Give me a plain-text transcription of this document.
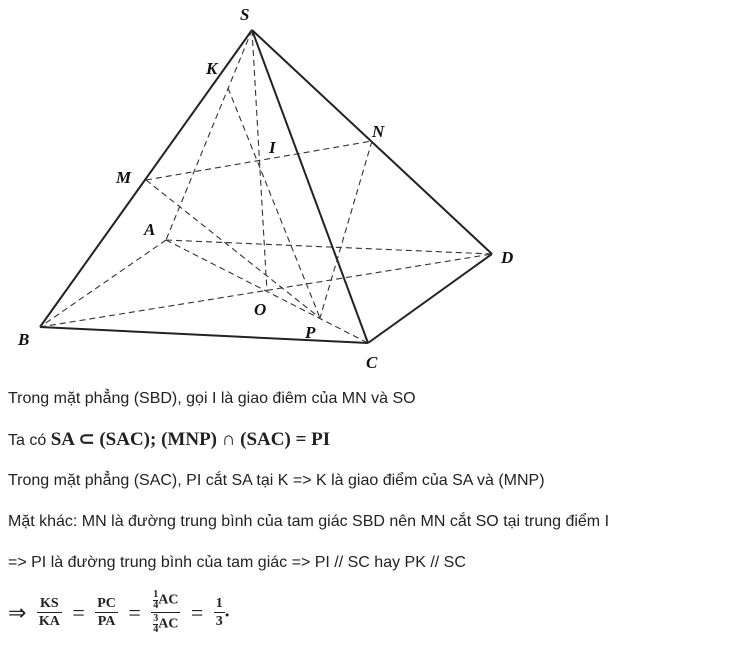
S
K
N
I
M
A
D
O
B	P
C
Trong mặt phẳng (SBD), gọi I là giao điêm của MN và SO
Ta có SA ⊂ (SAC); (MNP) ∩ (SAC) = PI
Trong mặt phẳng (SAC), PI cắt SA tại K => K là giao điểm của SA và (MNP)
Mặt khác: MN là đường trung bình của tam giác SBD nên MN cắt SO tại trung điểm I
=> PI là đường trung bình của tam giác => PI // SC hay PK // SC
⇒ $\frac{KS}{KA} = \frac{PC}{PA} = \frac{\frac{1}{4} AC}{\frac{3}{4} AC} = \frac{1}{3}$ .
